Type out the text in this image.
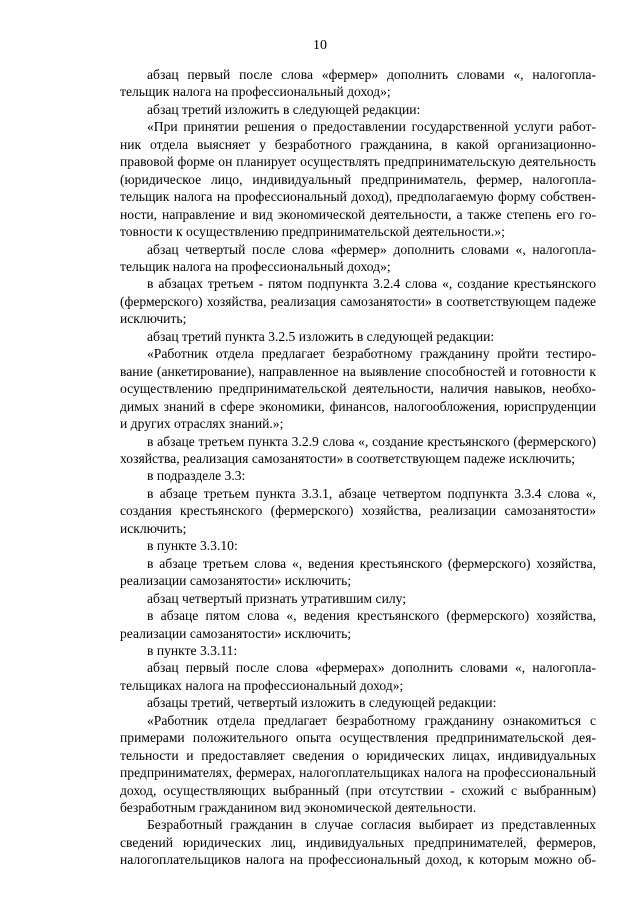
10

абзац первый после слова «фермер» дополнить словами «, налогоплательщик налога на профессиональный доход»;

абзац третий изложить в следующей редакции:

«При принятии решения о предоставлении государственной услуги работник отдела выясняет у безработного гражданина, в какой организационно-правовой форме он планирует осуществлять предпринимательскую деятельность (юридическое лицо, индивидуальный предприниматель, фермер, налогоплательщик налога на профессиональный доход), предполагаемую форму собственности, направление и вид экономической деятельности, а также степень его готовности к осуществлению предпринимательской деятельности.»;

абзац четвертый после слова «фермер» дополнить словами «, налогоплательщик налога на профессиональный доход»;

в абзацах третьем - пятом подпункта 3.2.4 слова «, создание крестьянского (фермерского) хозяйства, реализация самозанятости» в соответствующем падеже исключить;

абзац третий пункта 3.2.5 изложить в следующей редакции:

«Работник отдела предлагает безработному гражданину пройти тестирование (анкетирование), направленное на выявление способностей и готовности к осуществлению предпринимательской деятельности, наличия навыков, необходимых знаний в сфере экономики, финансов, налогообложения, юриспруденции и других отраслях знаний.»;

в абзаце третьем пункта 3.2.9 слова «, создание крестьянского (фермерского) хозяйства, реализация самозанятости» в соответствующем падеже исключить;

в подразделе 3.3:

в абзаце третьем пункта 3.3.1, абзаце четвертом подпункта 3.3.4 слова «, создания крестьянского (фермерского) хозяйства, реализации самозанятости» исключить;

в пункте 3.3.10:

в абзаце третьем слова «, ведения крестьянского (фермерского) хозяйства, реализации самозанятости» исключить;

абзац четвертый признать утратившим силу;

в абзаце пятом слова «, ведения крестьянского (фермерского) хозяйства, реализации самозанятости» исключить;

в пункте 3.3.11:

абзац первый после слова «фермерах» дополнить словами «, налогоплательщиках налога на профессиональный доход»;

абзацы третий, четвертый изложить в следующей редакции:

«Работник отдела предлагает безработному гражданину ознакомиться с примерами положительного опыта осуществления предпринимательской деятельности и предоставляет сведения о юридических лицах, индивидуальных предпринимателях, фермерах, налогоплательщиках налога на профессиональный доход, осуществляющих выбранный (при отсутствии - схожий с выбранным) безработным гражданином вид экономической деятельности.

Безработный гражданин в случае согласия выбирает из представленных сведений юридических лиц, индивидуальных предпринимателей, фермеров, налогоплательщиков налога на профессиональный доход, к которым можно об-
